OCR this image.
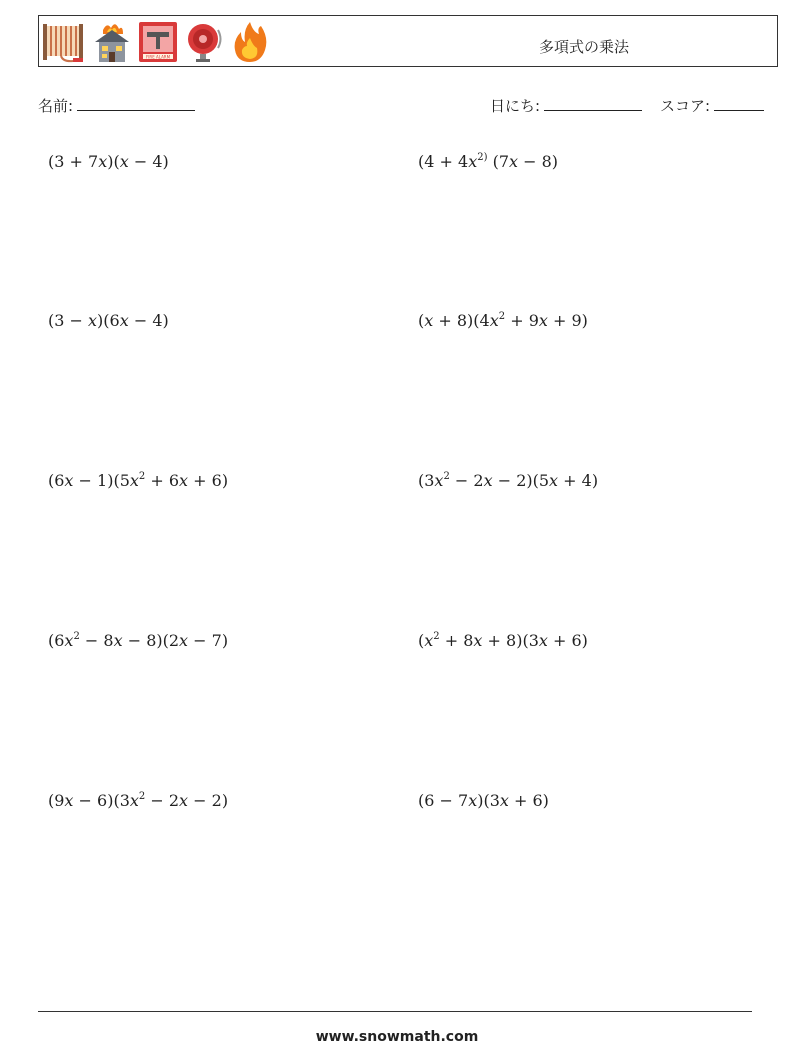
FIRE ALARM
多項式の乗法
名前:	日にち:	スコア:
(3 + 7x)(x − 4)	($4 + 4x^{2)}$ (7x − 8)
(3 − x)(6x − 4)	$(x + 8)(4x^2 + 9x + 9)$
$(6x - 1)(5x^2 + 6x + 6)$	$(3x^2 - 2x - 2)(5x + 4)$
$(6x^2 - 8x - 8)(2x - 7)$	$(x^2 + 8x + 8)(3x + 6)$
$(9x - 6)(3x^2 - 2x - 2)$	(6 − 7x)(3x + 6)
www.snowmath.com
